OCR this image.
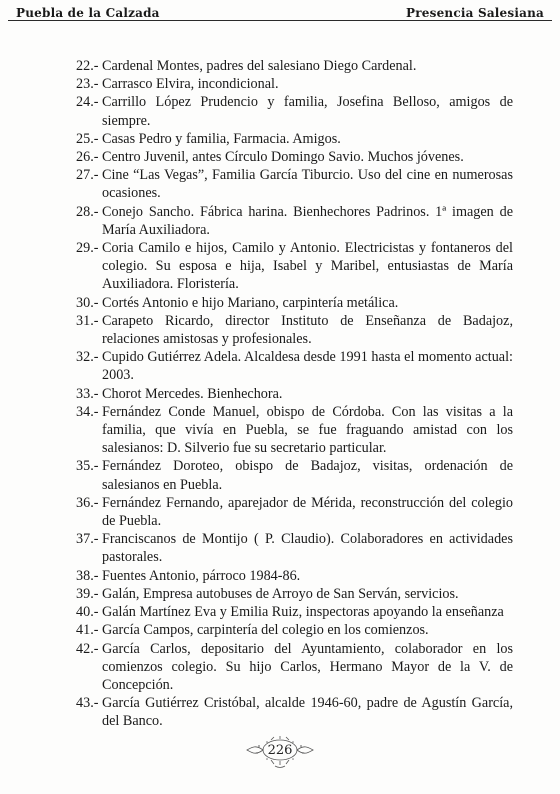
Puebla de la Calzada	Presencia Salesiana
22.- Cardenal Montes, padres del salesiano Diego Cardenal.
23.- Carrasco Elvira, incondicional.
24.- Carrillo López Prudencio y familia, Josefina Belloso, amigos de siempre.
25.- Casas Pedro y familia, Farmacia. Amigos.
26.- Centro Juvenil, antes Círculo Domingo Savio. Muchos jóvenes.
27.- Cine “Las Vegas”, Familia García Tiburcio. Uso del cine en numerosas ocasiones.
28.- Conejo Sancho. Fábrica harina. Bienhechores Padrinos. 1ª imagen de María Auxiliadora.
29.- Coria Camilo e hijos, Camilo y Antonio. Electricistas y fontaneros del colegio. Su esposa e hija, Isabel y Maribel, entusiastas de María Auxiliadora. Floristería.
30.- Cortés Antonio e hijo Mariano, carpintería metálica.
31.- Carapeto Ricardo, director Instituto de Enseñanza de Badajoz, relaciones amistosas y profesionales.
32.- Cupido Gutiérrez Adela. Alcaldesa desde 1991 hasta el momento actual: 2003.
33.- Chorot Mercedes. Bienhechora.
34.- Fernández Conde Manuel, obispo de Córdoba. Con las visitas a la familia, que vivía en Puebla, se fue fraguando amistad con los salesianos: D. Silverio fue su secretario particular.
35.- Fernández Doroteo, obispo de Badajoz, visitas, ordenación de salesianos en Puebla.
36.- Fernández Fernando, aparejador de Mérida, reconstrucción del colegio de Puebla.
37.- Franciscanos de Montijo ( P. Claudio). Colaboradores en actividades pastorales.
38.- Fuentes Antonio, párroco 1984-86.
39.- Galán, Empresa autobuses de Arroyo de San Serván, servicios.
40.- Galán Martínez Eva y Emilia Ruiz, inspectoras apoyando la enseñanza
41.- García Campos, carpintería del colegio en los comienzos.
42.- García Carlos, depositario del Ayuntamiento, colaborador en los comienzos colegio. Su hijo Carlos, Hermano Mayor de la V. de Concepción.
43.- García Gutiérrez Cristóbal, alcalde 1946-60, padre de Agustín García, del Banco.
226
